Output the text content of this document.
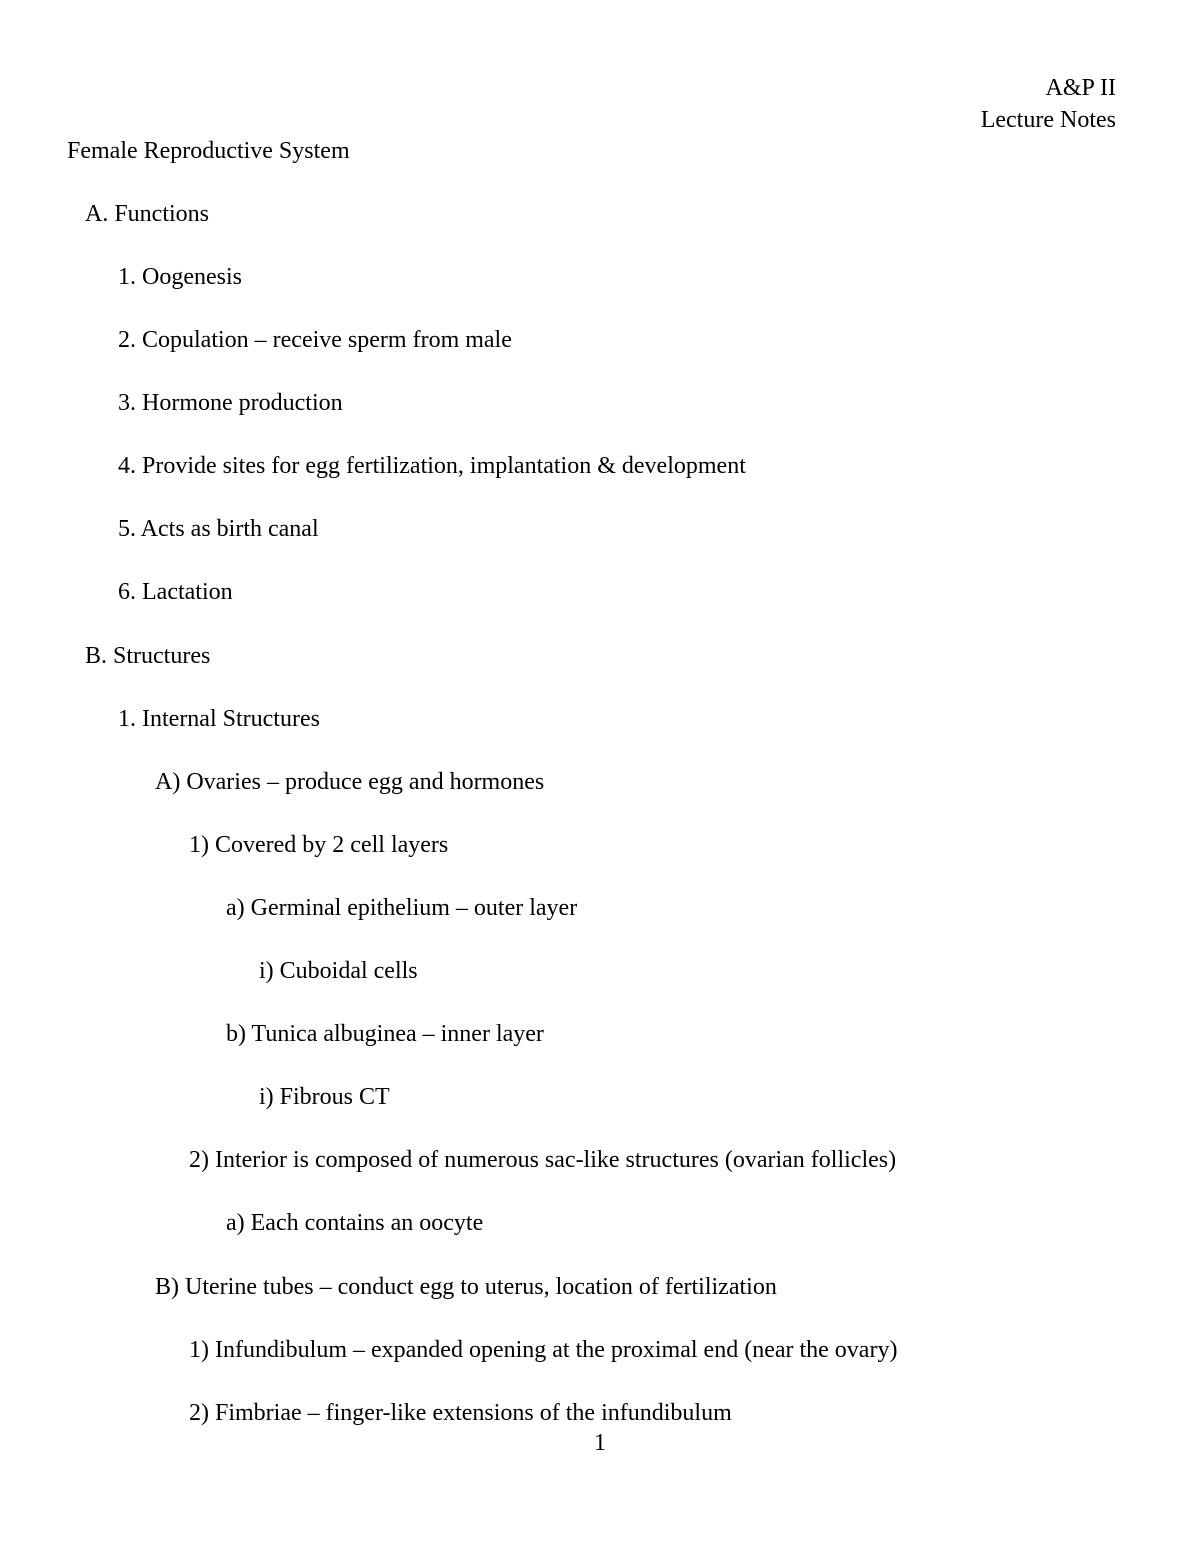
A&P II
Lecture Notes
Female Reproductive System
A. Functions
1. Oogenesis
2. Copulation – receive sperm from male
3. Hormone production
4. Provide sites for egg fertilization, implantation & development
5. Acts as birth canal
6. Lactation
B. Structures
1. Internal Structures
A) Ovaries – produce egg and hormones
1) Covered by 2 cell layers
a) Germinal epithelium – outer layer
i) Cuboidal cells
b) Tunica albuginea – inner layer
i) Fibrous CT
2) Interior is composed of numerous sac-like structures (ovarian follicles)
a) Each contains an oocyte
B) Uterine tubes – conduct egg to uterus, location of fertilization
1) Infundibulum – expanded opening at the proximal end (near the ovary)
2) Fimbriae – finger-like extensions of the infundibulum
1
